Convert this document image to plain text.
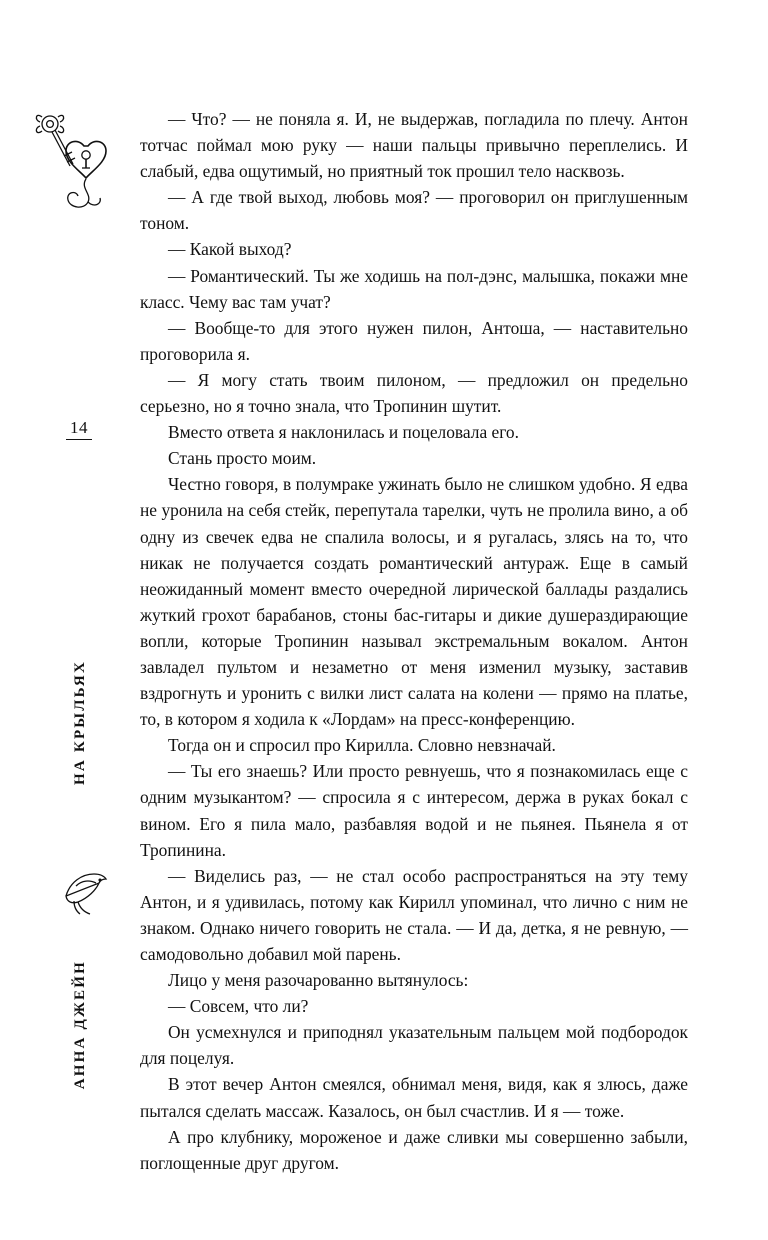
14
НА КРЫЛЬЯХ
АННА ДЖЕЙН

— Что? — не поняла я. И, не выдержав, погладила по плечу. Антон тотчас поймал мою руку — наши пальцы привычно переплелись. И слабый, едва ощутимый, но приятный ток прошил тело насквозь.

— А где твой выход, любовь моя? — проговорил он приглушенным тоном.

— Какой выход?

— Романтический. Ты же ходишь на пол-дэнс, малышка, покажи мне класс. Чему вас там учат?

— Вообще-то для этого нужен пилон, Антоша, — наставительно проговорила я.

— Я могу стать твоим пилоном, — предложил он предельно серьезно, но я точно знала, что Тропинин шутит.

Вместо ответа я наклонилась и поцеловала его.

Стань просто моим.

Честно говоря, в полумраке ужинать было не слишком удобно. Я едва не уронила на себя стейк, перепутала тарелки, чуть не пролила вино, а об одну из свечек едва не спалила волосы, и я ругалась, злясь на то, что никак не получается создать романтический антураж. Еще в самый неожиданный момент вместо очередной лирической баллады раздались жуткий грохот барабанов, стоны бас-гитары и дикие душераздирающие вопли, которые Тропинин называл экстремальным вокалом. Антон завладел пультом и незаметно от меня изменил музыку, заставив вздрогнуть и уронить с вилки лист салата на колени — прямо на платье, то, в котором я ходила к «Лордам» на пресс-конференцию.

Тогда он и спросил про Кирилла. Словно невзначай.

— Ты его знаешь? Или просто ревнуешь, что я познакомилась еще с одним музыкантом? — спросила я с интересом, держа в руках бокал с вином. Его я пила мало, разбавляя водой и не пьянея. Пьянела я от Тропинина.

— Виделись раз, — не стал особо распространяться на эту тему Антон, и я удивилась, потому как Кирилл упоминал, что лично с ним не знаком. Однако ничего говорить не стала. — И да, детка, я не ревную, — самодовольно добавил мой парень.

Лицо у меня разочарованно вытянулось:

— Совсем, что ли?

Он усмехнулся и приподнял указательным пальцем мой подбородок для поцелуя.

В этот вечер Антон смеялся, обнимал меня, видя, как я злюсь, даже пытался сделать массаж. Казалось, он был счастлив. И я — тоже.

А про клубнику, мороженое и даже сливки мы совершенно забыли, поглощенные друг другом.
